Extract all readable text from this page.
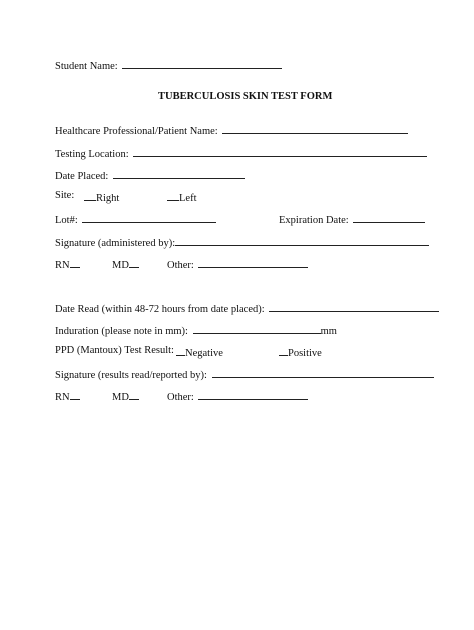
Student Name:
TUBERCULOSIS SKIN TEST FORM
Healthcare Professional/Patient Name:
Testing Location:
Date Placed:
Site:	Right	Left
Lot#:	Expiration Date:
Signature (administered by):
RN	MD	Other:
Date Read (within 48-72 hours from date placed):
Induration (please note in mm):	mm
PPD (Mantoux) Test Result:	Negative	Positive
Signature (results read/reported by):
RN	MD	Other:
